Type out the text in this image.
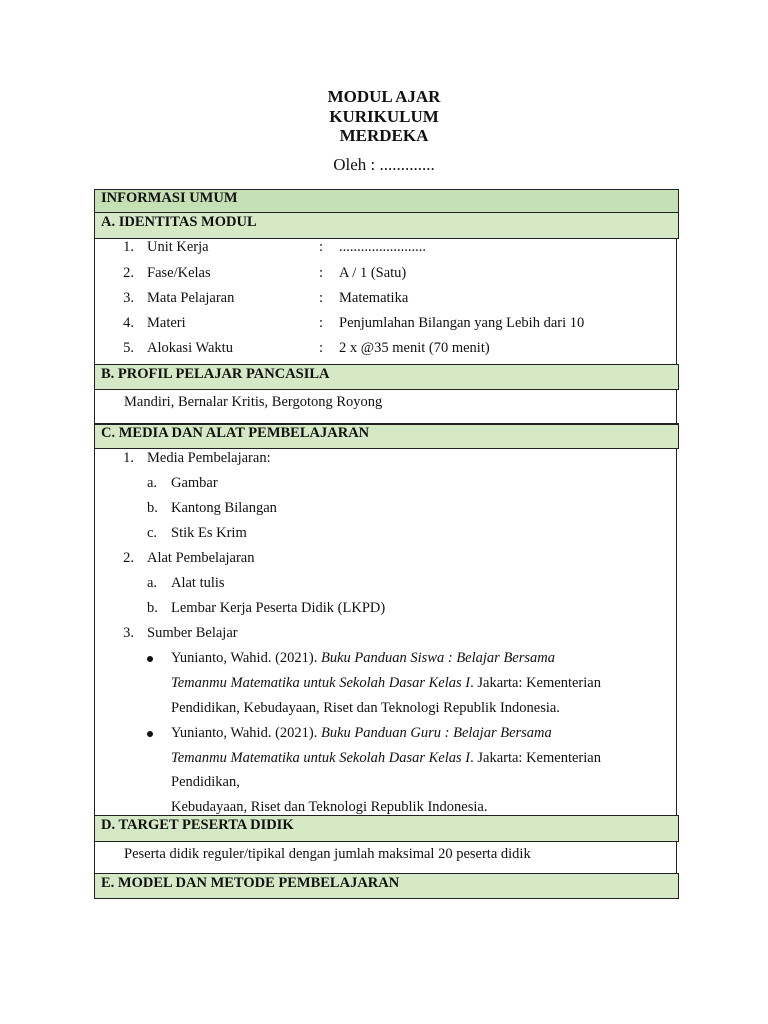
MODUL AJAR
KURIKULUM
MERDEKA
Oleh : .............
INFORMASI UMUM
A. IDENTITAS MODUL
1. Unit Kerja	: ........................
2. Fase/Kelas	: A / 1 (Satu)
3. Mata Pelajaran	: Matematika
4. Materi	: Penjumlahan Bilangan yang Lebih dari 10
5. Alokasi Waktu	: 2 x @35 menit (70 menit)
B. PROFIL PELAJAR PANCASILA
Mandiri, Bernalar Kritis, Bergotong Royong
C. MEDIA DAN ALAT PEMBELAJARAN
1. Media Pembelajaran:
a. Gambar
b. Kantong Bilangan
c. Stik Es Krim
2. Alat Pembelajaran
a. Alat tulis
b. Lembar Kerja Peserta Didik (LKPD)
3. Sumber Belajar
Yunianto, Wahid. (2021). Buku Panduan Siswa : Belajar Bersama
Temanmu Matematika untuk Sekolah Dasar Kelas I. Jakarta: Kementerian
Pendidikan, Kebudayaan, Riset dan Teknologi Republik Indonesia.
Yunianto, Wahid. (2021). Buku Panduan Guru : Belajar Bersama
Temanmu Matematika untuk Sekolah Dasar Kelas I. Jakarta: Kementerian
Pendidikan,
Kebudayaan, Riset dan Teknologi Republik Indonesia.
D. TARGET PESERTA DIDIK
Peserta didik reguler/tipikal dengan jumlah maksimal 20 peserta didik
E. MODEL DAN METODE PEMBELAJARAN
